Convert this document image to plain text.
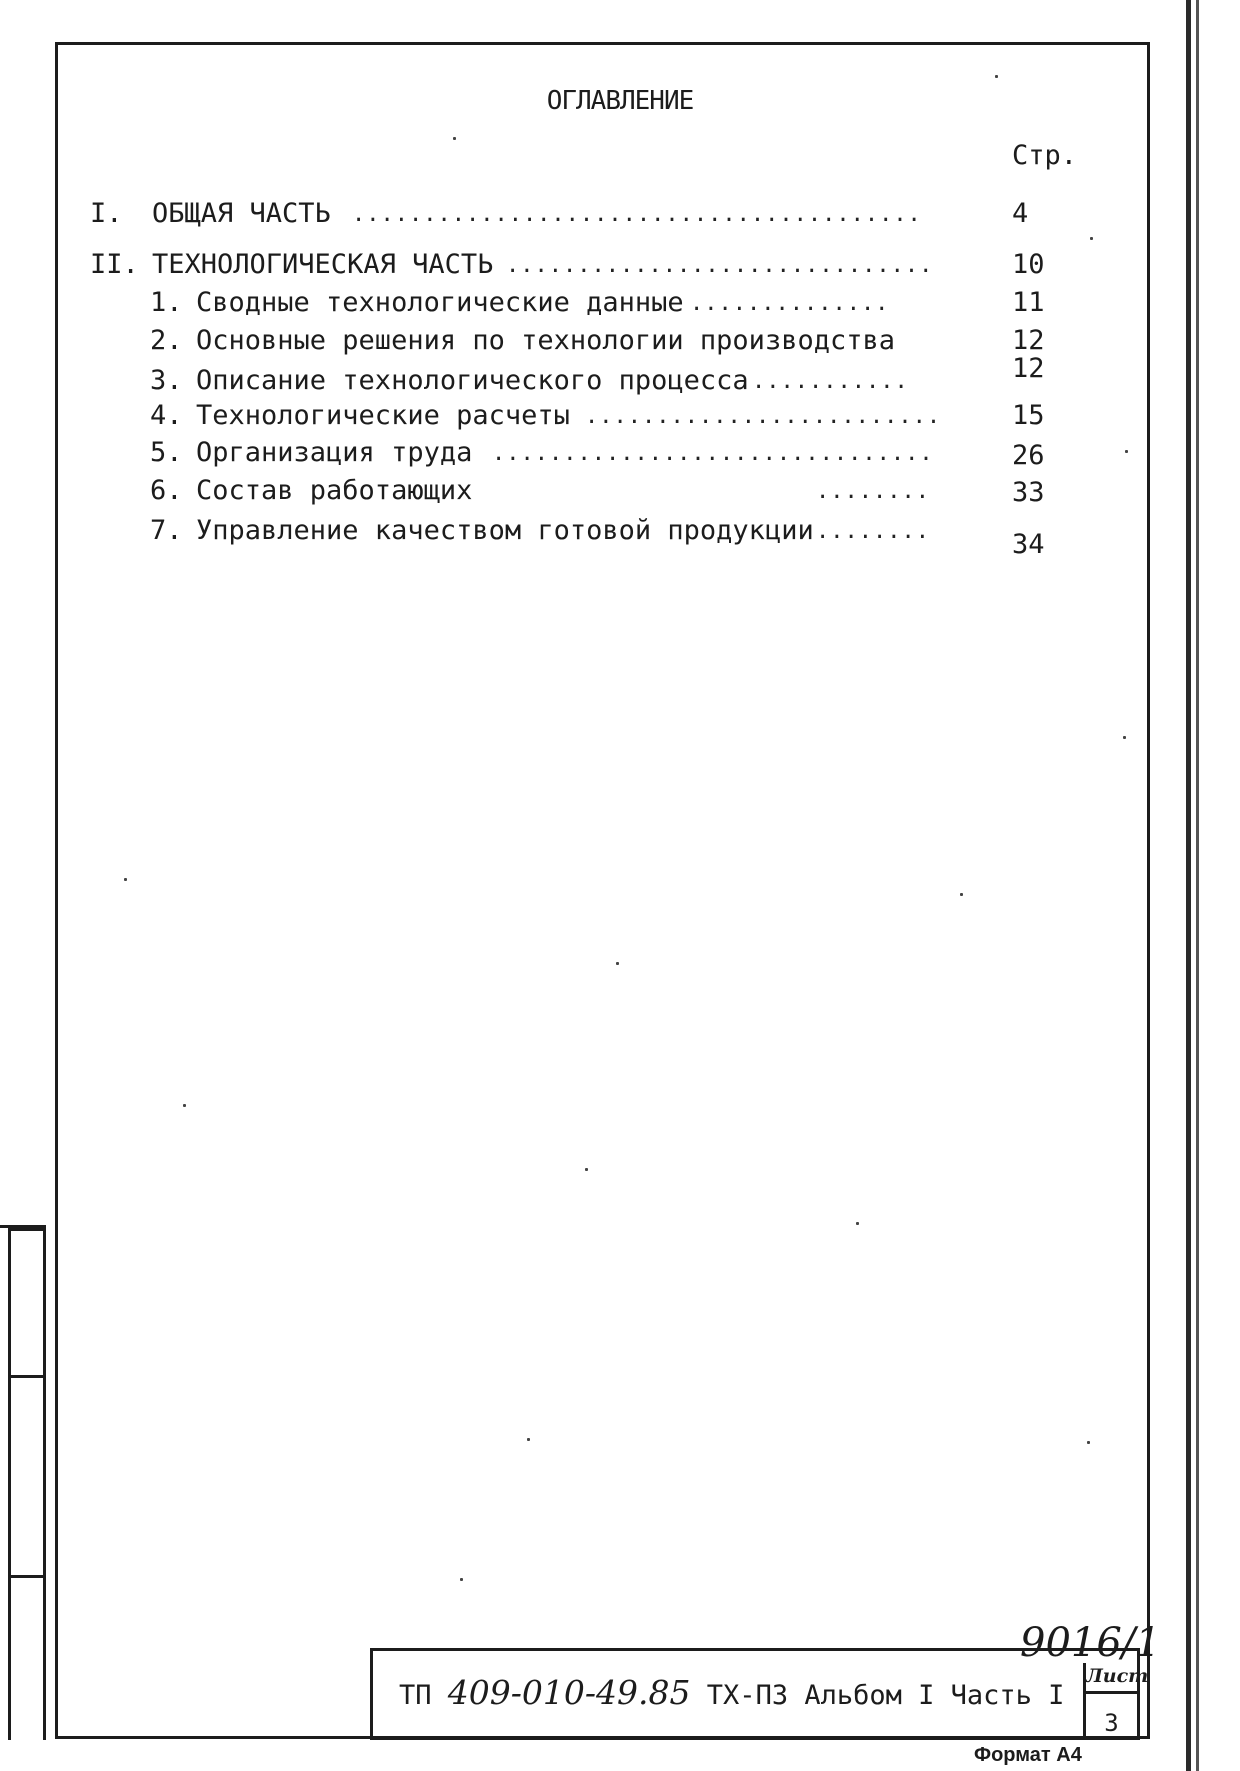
ОГЛАВЛЕНИЕ
Стр.
I. ОБЩАЯ ЧАСТЬ ........................................	4
II. ТЕХНОЛОГИЧЕСКАЯ ЧАСТЬ ..............................	10
1. Сводные технологические данные ..............	11
2. Основные решения по технологии производства	12
3. Описание технологического процесса ...........	12
4. Технологические расчеты .........................	15
5. Организация труда ...............................	26
6. Состав работающих	........	33
7. Управление качеством готовой продукции ........	34
9016/1
ТП 409-010-49.85 ТХ-ПЗ Альбом I Часть I
Лист
3
Формат А4
